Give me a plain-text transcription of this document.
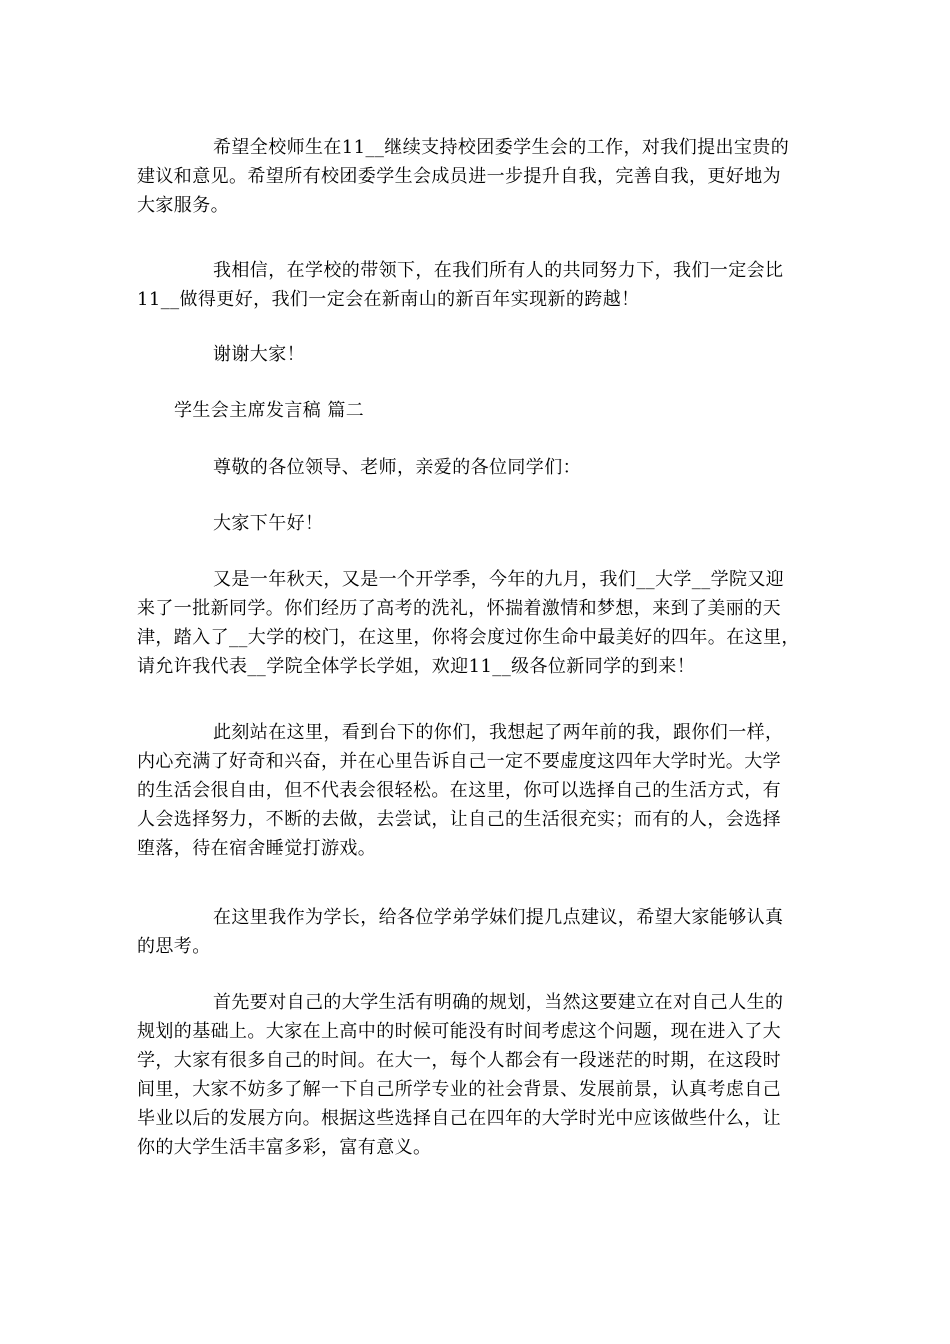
希望全校师生在11__继续支持校团委学生会的工作，对我们提出宝贵的
建议和意见。希望所有校团委学生会成员进一步提升自我，完善自我，更好地为
大家服务。

我相信，在学校的带领下，在我们所有人的共同努力下，我们一定会比
11__做得更好，我们一定会在新南山的新百年实现新的跨越！

谢谢大家！

学生会主席发言稿 篇二

尊敬的各位领导、老师，亲爱的各位同学们：

大家下午好！

又是一年秋天，又是一个开学季，今年的九月，我们__大学__学院又迎
来了一批新同学。你们经历了高考的洗礼，怀揣着激情和梦想，来到了美丽的天
津，踏入了__大学的校门，在这里，你将会度过你生命中最美好的四年。在这里，
请允许我代表__学院全体学长学姐，欢迎11__级各位新同学的到来！

此刻站在这里，看到台下的你们，我想起了两年前的我，跟你们一样，
内心充满了好奇和兴奋，并在心里告诉自己一定不要虚度这四年大学时光。大学
的生活会很自由，但不代表会很轻松。在这里，你可以选择自己的生活方式，有
人会选择努力，不断的去做，去尝试，让自己的生活很充实；而有的人，会选择
堕落，待在宿舍睡觉打游戏。

在这里我作为学长，给各位学弟学妹们提几点建议，希望大家能够认真
的思考。

首先要对自己的大学生活有明确的规划，当然这要建立在对自己人生的
规划的基础上。大家在上高中的时候可能没有时间考虑这个问题，现在进入了大
学，大家有很多自己的时间。在大一，每个人都会有一段迷茫的时期，在这段时
间里，大家不妨多了解一下自己所学专业的社会背景、发展前景，认真考虑自己
毕业以后的发展方向。根据这些选择自己在四年的大学时光中应该做些什么，让
你的大学生活丰富多彩，富有意义。
